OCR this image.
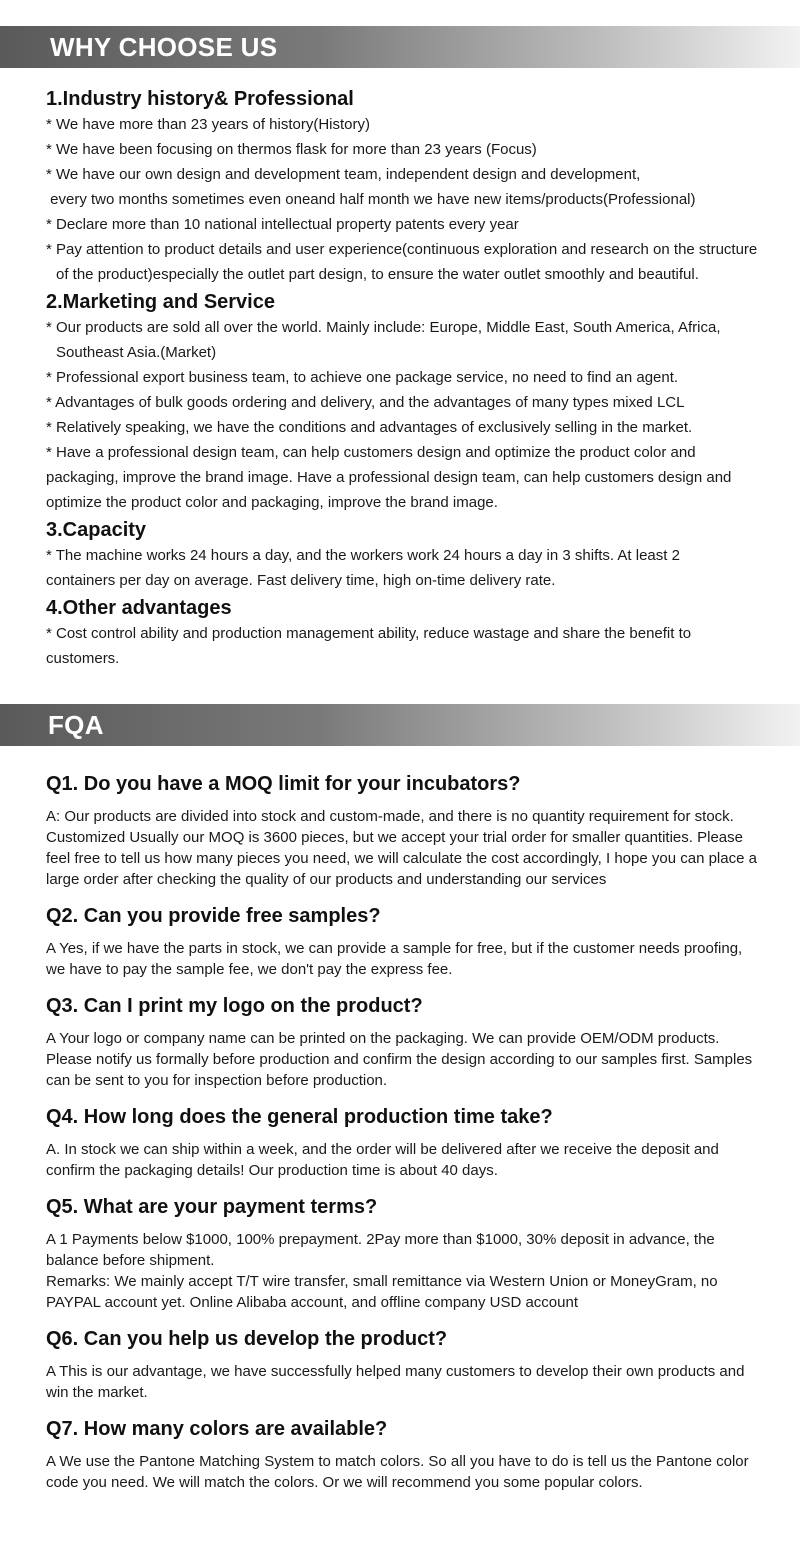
WHY CHOOSE US
1.Industry history& Professional

* We have more than 23 years of history(History)

* We have been focusing on thermos flask for more than 23 years (Focus)

* We have our own design and development team, independent design and development,

every two months sometimes even oneand half month we have new items/products(Professional)

* Declare more than 10 national intellectual property patents every year

* Pay attention to product details and user experience(continuous exploration and research on the structure of the product)especially the outlet part design, to ensure the water outlet smoothly and beautiful.

2.Marketing and Service

* Our products are sold all over the world. Mainly include: Europe, Middle East, South America, Africa, Southeast Asia.(Market)

* Professional export business team, to achieve one package service, no need to find an agent.

* Advantages of bulk goods ordering and delivery, and the advantages of many types mixed LCL

* Relatively speaking, we have the conditions and advantages of exclusively selling in the market.

* Have a professional design team, can help customers design and optimize the product color and packaging, improve the brand image. Have a professional design team, can help customers design and optimize the product color and packaging, improve the brand image.

3.Capacity

* The machine works 24 hours a day, and the workers work 24 hours a day in 3 shifts. At least 2 containers per day on average. Fast delivery time, high on-time delivery rate.

4.Other advantages

* Cost control ability and production management ability, reduce wastage and share the benefit to customers.

FQA
Q1. Do you have a MOQ limit for your incubators?

A: Our products are divided into stock and custom-made, and there is no quantity requirement for stock. Customized Usually our MOQ is 3600 pieces, but we accept your trial order for smaller quantities. Please feel free to tell us how many pieces you need, we will calculate the cost accordingly, I hope you can place a large order after checking the quality of our products and understanding our services

Q2. Can you provide free samples?

A Yes, if we have the parts in stock, we can provide a sample for free, but if the customer needs proofing, we have to pay the sample fee, we don't pay the express fee.

Q3. Can I print my logo on the product?

A Your logo or company name can be printed on the packaging. We can provide OEM/ODM products. Please notify us formally before production and confirm the design according to our samples first. Samples can be sent to you for inspection before production.

Q4. How long does the general production time take?

A. In stock we can ship within a week, and the order will be delivered after we receive the deposit and confirm the packaging details! Our production time is about 40 days.

Q5. What are your payment terms?

A 1 Payments below $1000, 100% prepayment. 2Pay more than $1000, 30% deposit in advance, the balance before shipment.

Remarks: We mainly accept T/T wire transfer, small remittance via Western Union or MoneyGram, no PAYPAL account yet. Online Alibaba account, and offline company USD account

Q6. Can you help us develop the product?

A This is our advantage, we have successfully helped many customers to develop their own products and win the market.

Q7. How many colors are available?

A We use the Pantone Matching System to match colors. So all you have to do is tell us the Pantone color code you need. We will match the colors. Or we will recommend you some popular colors.
